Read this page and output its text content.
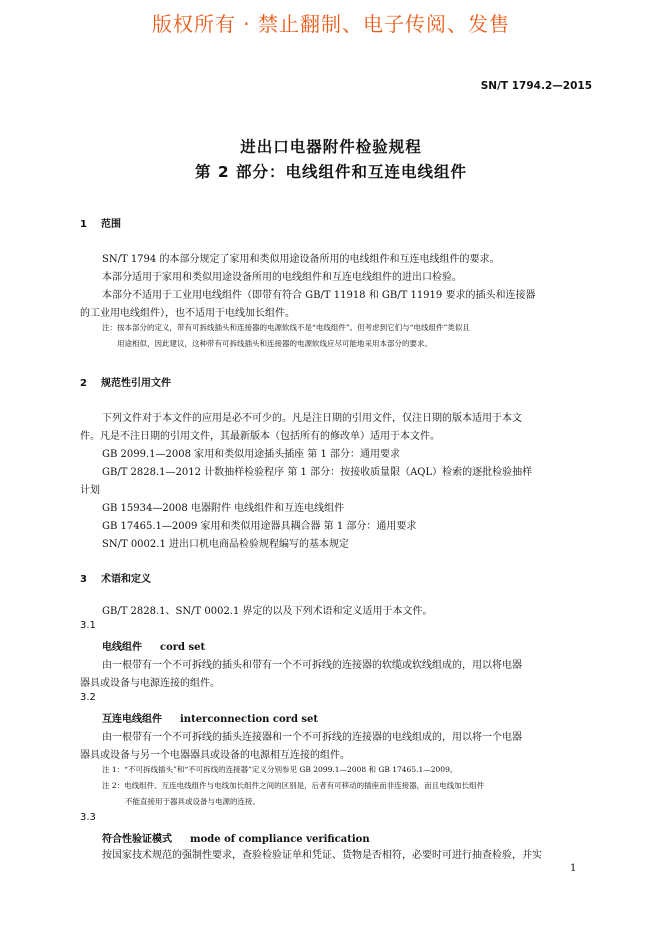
版权所有 · 禁止翻制、电子传阅、发售
SN/T 1794.2—2015
进出口电器附件检验规程
第 2 部分：电线组件和互连电线组件
1 范围
SN/T 1794 的本部分规定了家用和类似用途设备所用的电线组件和互连电线组件的要求。
本部分适用于家用和类似用途设备所用的电线组件和互连电线组件的进出口检验。
本部分不适用于工业用电线组件（即带有符合 GB/T 11918 和 GB/T 11919 要求的插头和连接器
的工业用电线组件），也不适用于电线加长组件。
注：按本部分的定义，带有可拆线插头和连接器的电源软线不是“电线组件”。但考虑到它们与“电线组件”类似且
用途相似，因此建议，这种带有可拆线插头和连接器的电源软线应尽可能地采用本部分的要求。
2 规范性引用文件
下列文件对于本文件的应用是必不可少的。凡是注日期的引用文件，仅注日期的版本适用于本文
件。凡是不注日期的引用文件，其最新版本（包括所有的修改单）适用于本文件。
GB 2099.1—2008 家用和类似用途插头插座 第 1 部分：通用要求
GB/T 2828.1—2012 计数抽样检验程序 第 1 部分：按接收质量限（AQL）检索的逐批检验抽样
计划
GB 15934—2008 电器附件 电线组件和互连电线组件
GB 17465.1—2009 家用和类似用途器具耦合器 第 1 部分：通用要求
SN/T 0002.1 进出口机电商品检验规程编写的基本规定
3 术语和定义
GB/T 2828.1、SN/T 0002.1 界定的以及下列术语和定义适用于本文件。
3.1
电线组件 cord set
由一根带有一个不可拆线的插头和带有一个不可拆线的连接器的软缆或软线组成的，用以将电器
器具或设备与电源连接的组件。
3.2
互连电线组件 interconnection cord set
由一根带有一个不可拆线的插头连接器和一个不可拆线的连接器的电线组成的，用以将一个电器
器具或设备与另一个电器器具或设备的电源相互连接的组件。
注 1：“不可拆线插头”和“不可拆线的连接器”定义分别参见 GB 2099.1—2008 和 GB 17465.1—2009。
注 2：电线组件、互连电线组件与电线加长组件之间的区别是，后者有可移动的插座而非连接器，而且电线加长组件
不能直接用于器具或设备与电源的连接。
3.3
符合性验证模式 mode of compliance verification
按国家技术规范的强制性要求，查验检验证单和凭证、货物是否相符，必要时可进行抽查检验，并实
1
